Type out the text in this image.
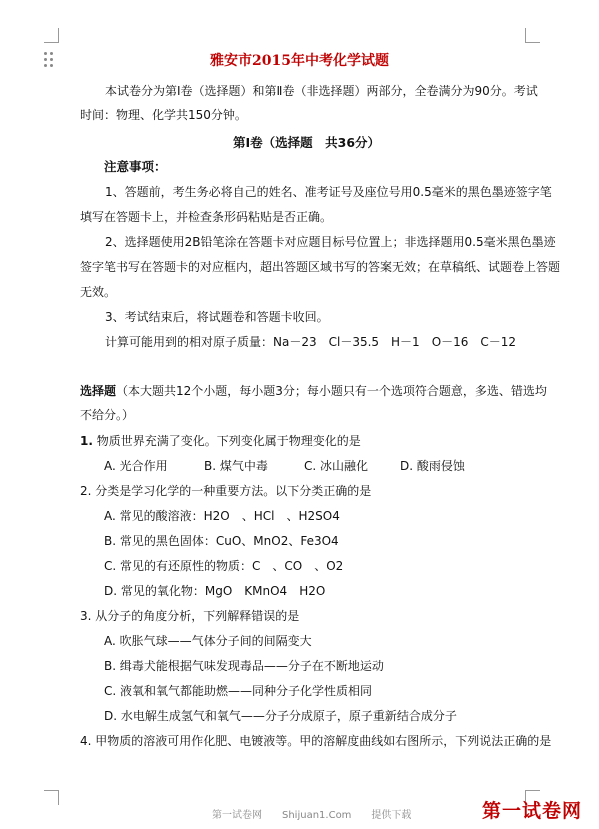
雅安市2015年中考化学试题
本试卷分为第Ⅰ卷（选择题）和第Ⅱ卷（非选择题）两部分，全卷满分为90分。考试
时间：物理、化学共150分钟。
第Ⅰ卷（选择题　共36分）
注意事项：
1、答题前，考生务必将自己的姓名、准考证号及座位号用0.5毫米的黑色墨迹签字笔
填写在答题卡上，并检查条形码粘贴是否正确。
2、选择题使用2B铅笔涂在答题卡对应题目标号位置上；非选择题用0.5毫米黑色墨迹
签字笔书写在答题卡的对应框内，超出答题区域书写的答案无效；在草稿纸、试题卷上答题
无效。
3、考试结束后，将试题卷和答题卡收回。
计算可能用到的相对原子质量：Na－23　Cl－35.5　H－1　O－16　C－12
选择题（本大题共12个小题，每小题3分；每小题只有一个选项符合题意，多选、错选均
不给分。）
1. 物质世界充满了变化。下列变化属于物理变化的是
A. 光合作用	B. 煤气中毒	C. 冰山融化	D. 酸雨侵蚀
2. 分类是学习化学的一种重要方法。以下分类正确的是
A. 常见的酸溶液：H2O　、HCl　、H2SO4
B. 常见的黑色固体：CuO、MnO2、Fe3O4
C. 常见的有还原性的物质：C　、CO　、O2
D. 常见的氧化物：MgO　KMnO4　H2O
3. 从分子的角度分析，下列解释错误的是
A. 吹胀气球——气体分子间的间隔变大
B. 缉毒犬能根据气味发现毒品——分子在不断地运动
C. 液氧和氧气都能助燃——同种分子化学性质相同
D. 水电解生成氢气和氧气——分子分成原子，原子重新结合成分子
4. 甲物质的溶液可用作化肥、电镀液等。甲的溶解度曲线如右图所示，下列说法正确的是
第一试卷网　　Shijuan1.Com　　提供下载	第一试卷网
